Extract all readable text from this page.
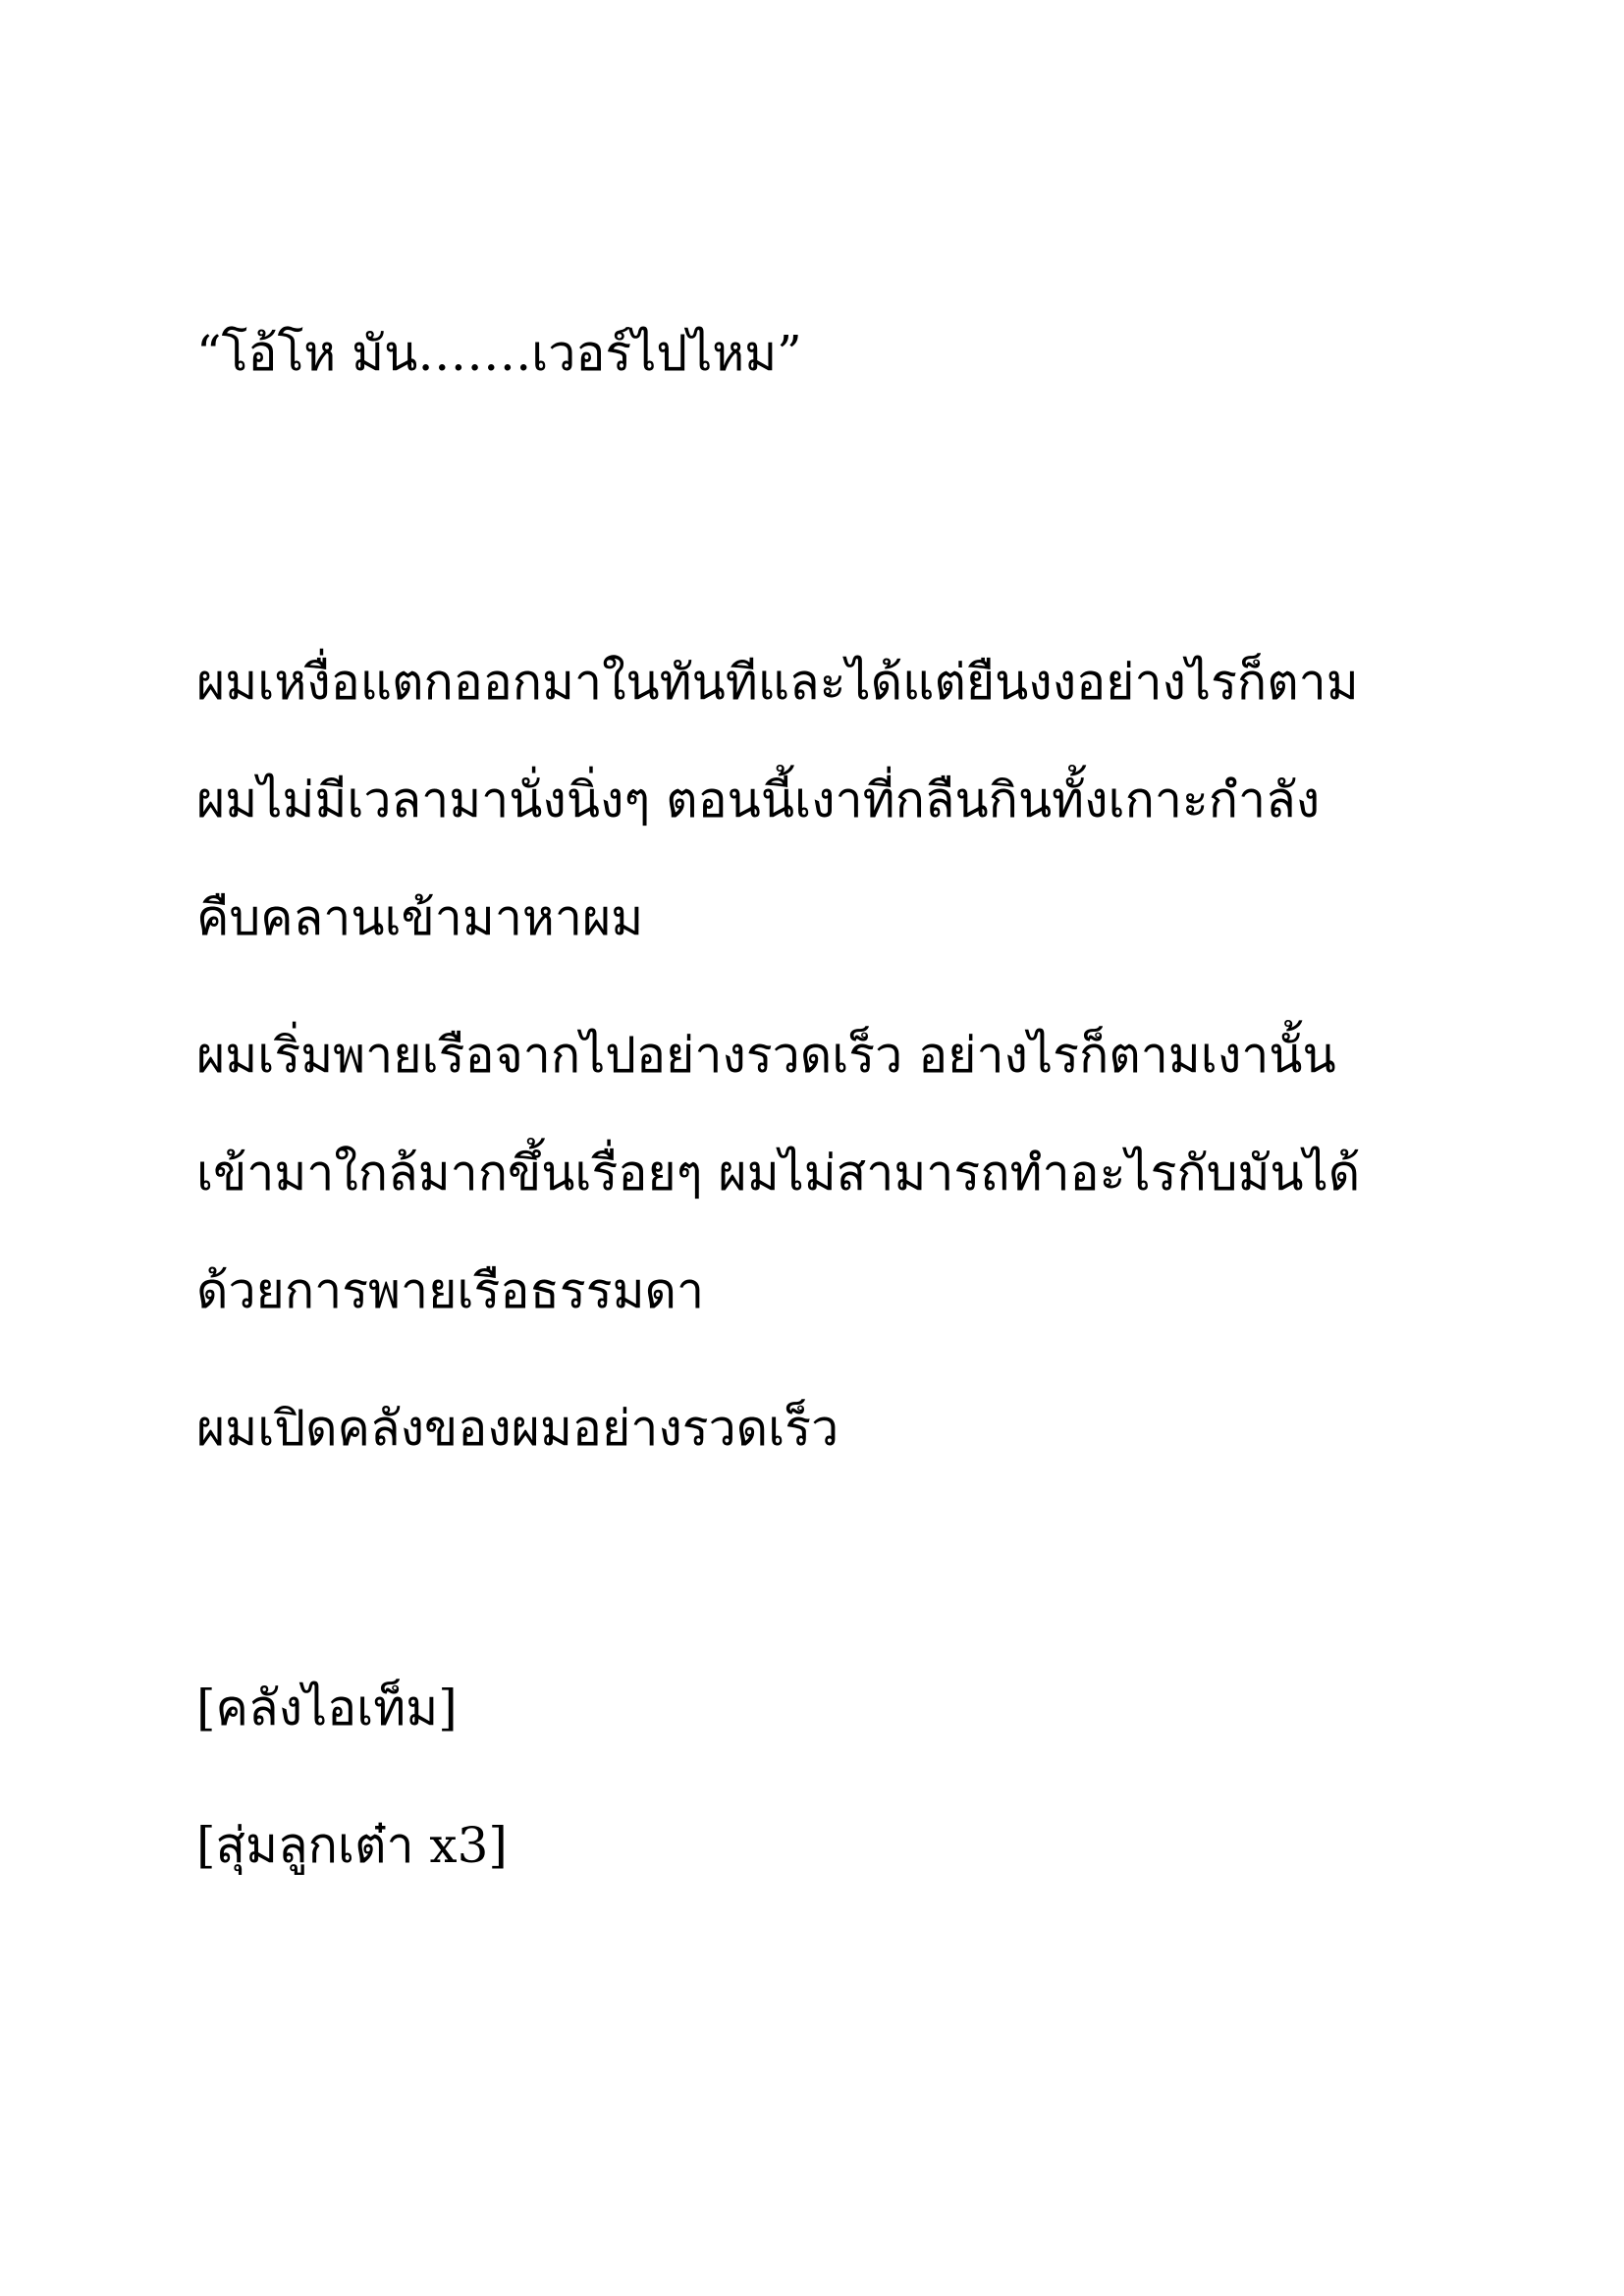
“โอ้โห มัน…….เวอร์ไปไหม”

ผมเหงื่อแตกออกมาในทันทีและได้แต่ยืนงงอย่างไรก็ตาม

ผมไม่มีเวลามานั่งนิ่งๆ ตอนนี้เงาที่กลืนกินทั้งเกาะกำลัง

คืบคลานเข้ามาหาผม

ผมเริ่มพายเรือจากไปอย่างรวดเร็ว อย่างไรก็ตามเงานั้น

เข้ามาใกล้มากขึ้นเรื่อยๆ ผมไม่สามารถทำอะไรกับมันได้

ด้วยการพายเรือธรรมดา

ผมเปิดคลังของผมอย่างรวดเร็ว

[คลังไอเท็ม]

[สุ่มลูกเต๋า x3]
